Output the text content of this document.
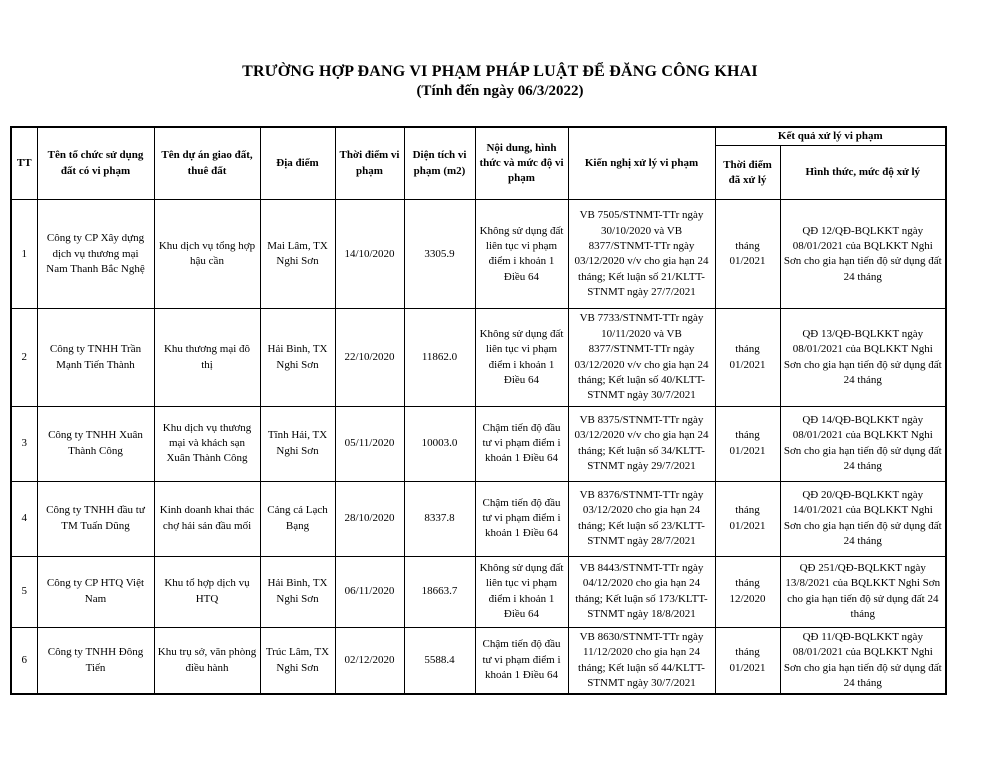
TRƯỜNG HỢP ĐANG VI PHẠM PHÁP LUẬT ĐỂ ĐĂNG CÔNG KHAI
(Tính đến ngày 06/3/2022)
TT	Tên tổ chức sử dụng đất có vi phạm	Tên dự án giao đất, thuê đất	Địa điểm	Thời điểm vi phạm	Diện tích vi phạm (m2)	Nội dung, hình thức và mức độ vi phạm	Kiến nghị xử lý vi phạm	Kết quả xử lý vi phạm	
								Thời điểm đã xử lý	Hình thức, mức độ xử lý
1	Công ty CP Xây dựng dịch vụ thương mại Nam Thanh Bắc Nghệ	Khu dịch vụ tổng hợp hậu cần	Mai Lâm, TX Nghi Sơn	14/10/2020	3305.9	Không sử dụng đất liên tục vi phạm điểm i khoản 1 Điều 64	VB 7505/STNMT-TTr ngày 30/10/2020 và VB 8377/STNMT-TTr ngày 03/12/2020 v/v cho gia hạn 24 tháng; Kết luận số 21/KLTT-STNMT ngày 27/7/2021	tháng 01/2021	QĐ 12/QĐ-BQLKKT ngày 08/01/2021 của BQLKKT Nghi Sơn cho gia hạn tiến độ sử dụng đất 24 tháng
2	Công ty TNHH Trần Mạnh Tiến Thành	Khu thương mại đô thị	Hải Bình, TX Nghi Sơn	22/10/2020	11862.0	Không sử dụng đất liên tục vi phạm điểm i khoản 1 Điều 64	VB 7733/STNMT-TTr ngày 10/11/2020 và VB 8377/STNMT-TTr ngày 03/12/2020 v/v cho gia hạn 24 tháng; Kết luận số 40/KLTT-STNMT ngày 30/7/2021	tháng 01/2021	QĐ 13/QĐ-BQLKKT ngày 08/01/2021 của BQLKKT Nghi Sơn cho gia hạn tiến độ sử dụng đất 24 tháng
3	Công ty TNHH Xuân Thành Công	Khu dịch vụ thương mại và khách sạn Xuân Thành Công	Tĩnh Hải, TX Nghi Sơn	05/11/2020	10003.0	Chậm tiến độ đầu tư vi phạm điểm i khoản 1 Điều 64	VB 8375/STNMT-TTr ngày 03/12/2020 v/v cho gia hạn 24 tháng; Kết luận số 34/KLTT-STNMT ngày 29/7/2021	tháng 01/2021	QĐ 14/QĐ-BQLKKT ngày 08/01/2021 của BQLKKT Nghi Sơn cho gia hạn tiến độ sử dụng đất 24 tháng
4	Công ty TNHH đầu tư TM Tuấn Dũng	Kinh doanh khai thác chợ hải sản đầu mối	Cảng cá Lạch Bạng	28/10/2020	8337.8	Chậm tiến độ đầu tư vi phạm điểm i khoản 1 Điều 64	VB 8376/STNMT-TTr ngày 03/12/2020 cho gia hạn 24 tháng; Kết luận số 23/KLTT-STNMT ngày 28/7/2021	tháng 01/2021	QĐ 20/QĐ-BQLKKT ngày 14/01/2021 của BQLKKT Nghi Sơn cho gia hạn tiến độ sử dụng đất 24 tháng
5	Công ty CP HTQ Việt Nam	Khu tổ hợp dịch vụ HTQ	Hải Bình, TX Nghi Sơn	06/11/2020	18663.7	Không sử dụng đất liên tục vi phạm điểm i khoản 1 Điều 64	VB 8443/STNMT-TTr ngày 04/12/2020 cho gia hạn 24 tháng; Kết luận số 173/KLTT-STNMT ngày 18/8/2021	tháng 12/2020	QĐ 251/QĐ-BQLKKT ngày 13/8/2021 của BQLKKT Nghi Sơn cho gia hạn tiến độ sử dụng đất 24 tháng
6	Công ty TNHH Đông Tiến	Khu trụ sở, văn phòng điều hành	Trúc Lâm, TX Nghi Sơn	02/12/2020	5588.4	Chậm tiến độ đầu tư vi phạm điểm i khoản 1 Điều 64	VB 8630/STNMT-TTr ngày 11/12/2020 cho gia hạn 24 tháng; Kết luận số 44/KLTT-STNMT ngày 30/7/2021	tháng 01/2021	QĐ 11/QĐ-BQLKKT ngày 08/01/2021 của BQLKKT Nghi Sơn cho gia hạn tiến độ sử dụng đất 24 tháng
